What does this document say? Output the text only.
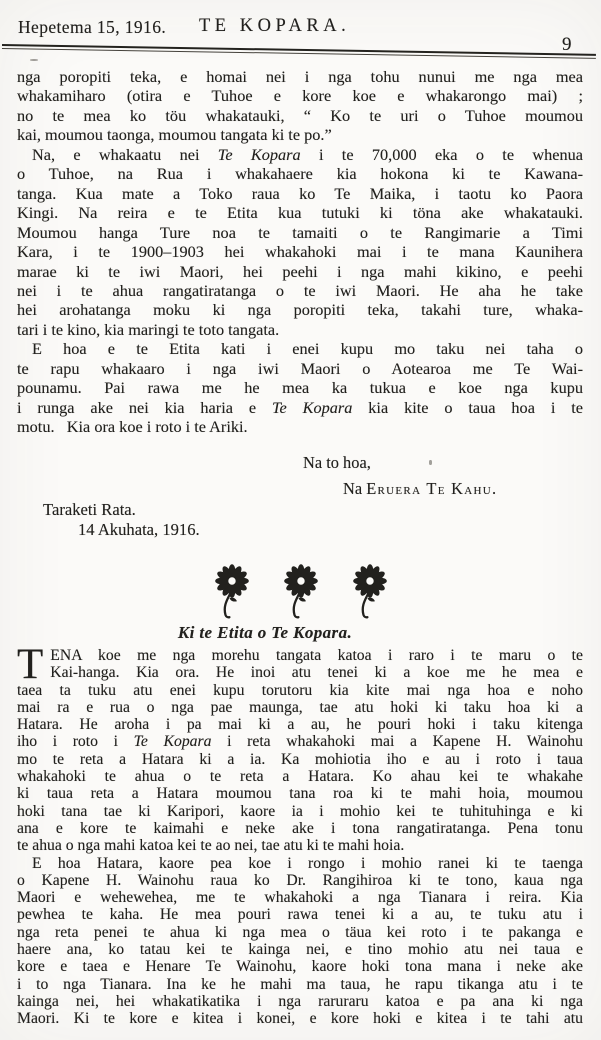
Hepetema 15, 1916. TE KOPARA.
9
nga poropiti teka, e homai nei i nga tohu nunui me nga mea
whakamiharo (otira e Tuhoe e kore koe e whakarongo mai) ;
no te mea ko töu whakatauki, “ Ko te uri o Tuhoe moumou
kai, moumou taonga, moumou tangata ki te po.”
Na, e whakaatu nei Te Kopara i te 70,000 eka o te whenua
o Tuhoe, na Rua i whakahaere kia hokona ki te Kawana-
tanga. Kua mate a Toko raua ko Te Maika, i taotu ko Paora
Kingi. Na reira e te Etita kua tutuki ki töna ake whakatauki.
Moumou hanga Ture noa te tamaiti o te Rangimarie a Timi
Kara, i te 1900–1903 hei whakahoki mai i te mana Kaunihera
marae ki te iwi Maori, hei peehi i nga mahi kikino, e peehi
nei i te ahua rangatiratanga o te iwi Maori. He aha he take
hei arohatanga moku ki nga poropiti teka, takahi ture, whaka-
tari i te kino, kia maringi te toto tangata.
E hoa e te Etita kati i enei kupu mo taku nei taha o
te rapu whakaaro i nga iwi Maori o Aotearoa me Te Wai-
pounamu. Pai rawa me he mea ka tukua e koe nga kupu
i runga ake nei kia haria e Te Kopara kia kite o taua hoa i te
motu.  Kia ora koe i roto i te Ariki.
Na to hoa,
Na Eruera Te Kahu.
Taraketi Rata.
14 Akuhata, 1916.
Ki te Etita o Te Kopara.
T ENA koe me nga morehu tangata katoa i raro i te maru o te
Kai-hanga. Kia ora. He inoi atu tenei ki a koe me he mea e
taea ta tuku atu enei kupu torutoru kia kite mai nga hoa e noho
mai ra e rua o nga pae maunga, tae atu hoki ki taku hoa ki a
Hatara. He aroha i pa mai ki a au, he pouri hoki i taku kitenga
iho i roto i Te Kopara i reta whakahoki mai a Kapene H. Wainohu
mo te reta a Hatara ki a ia. Ka mohiotia iho e au i roto i taua
whakahoki te ahua o te reta a Hatara. Ko ahau kei te whakahe
ki taua reta a Hatara moumou tana roa ki te mahi hoia, moumou
hoki tana tae ki Karipori, kaore ia i mohio kei te tuhituhinga e ki
ana e kore te kaimahi e neke ake i tona rangatiratanga. Pena tonu
te ahua o nga mahi katoa kei te ao nei, tae atu ki te mahi hoia.
E hoa Hatara, kaore pea koe i rongo i mohio ranei ki te taenga
o Kapene H. Wainohu raua ko Dr. Rangihiroa ki te tono, kaua nga
Maori e wehewehea, me te whakahoki a nga Tianara i reira. Kia
pewhea te kaha. He mea pouri rawa tenei ki a au, te tuku atu i
nga reta penei te ahua ki nga mea o täua kei roto i te pakanga e
haere ana, ko tatau kei te kainga nei, e tino mohio atu nei taua e
kore e taea e Henare Te Wainohu, kaore hoki tona mana i neke ake
i to nga Tianara. Ina ke he mahi ma taua, he rapu tikanga atu i te
kainga nei, hei whakatikatika i nga raruraru katoa e pa ana ki nga
Maori. Ki te kore e kitea i konei, e kore hoki e kitea i te tahi atu
